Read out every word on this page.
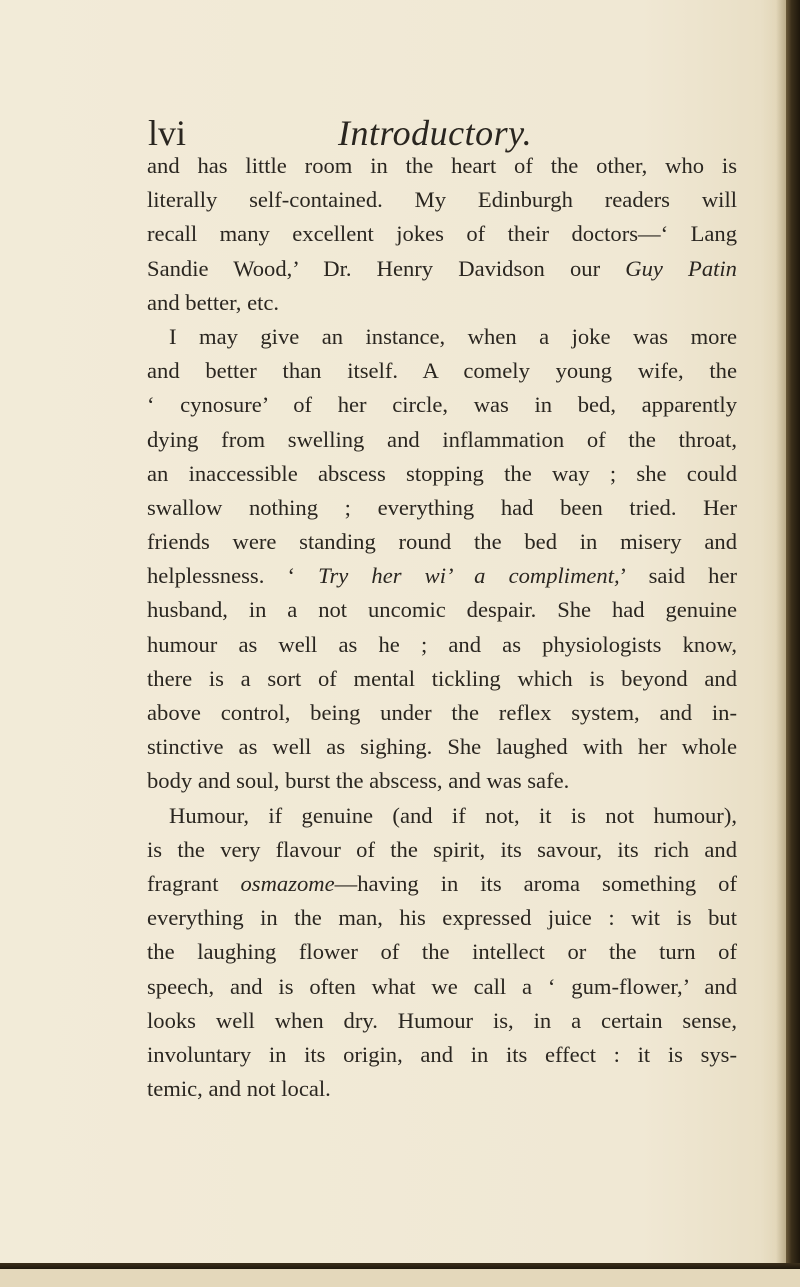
lvi	Introductory.
and has little room in the heart of the other, who is
literally self-contained. My Edinburgh readers will
recall many excellent jokes of their doctors—‘ Lang
Sandie Wood,’ Dr. Henry Davidson our Guy Patin
and better, etc.
I may give an instance, when a joke was more
and better than itself. A comely young wife, the
‘ cynosure’ of her circle, was in bed, apparently
dying from swelling and inflammation of the throat,
an inaccessible abscess stopping the way ; she could
swallow nothing ; everything had been tried. Her
friends were standing round the bed in misery and
helplessness. ‘ Try her wi’ a compliment,’ said her
husband, in a not uncomic despair. She had genuine
humour as well as he ; and as physiologists know,
there is a sort of mental tickling which is beyond and
above control, being under the reflex system, and in-
stinctive as well as sighing. She laughed with her whole
body and soul, burst the abscess, and was safe.
Humour, if genuine (and if not, it is not humour),
is the very flavour of the spirit, its savour, its rich and
fragrant osmazome—having in its aroma something of
everything in the man, his expressed juice : wit is but
the laughing flower of the intellect or the turn of
speech, and is often what we call a ‘ gum-flower,’ and
looks well when dry. Humour is, in a certain sense,
involuntary in its origin, and in its effect : it is sys-
temic, and not local.
